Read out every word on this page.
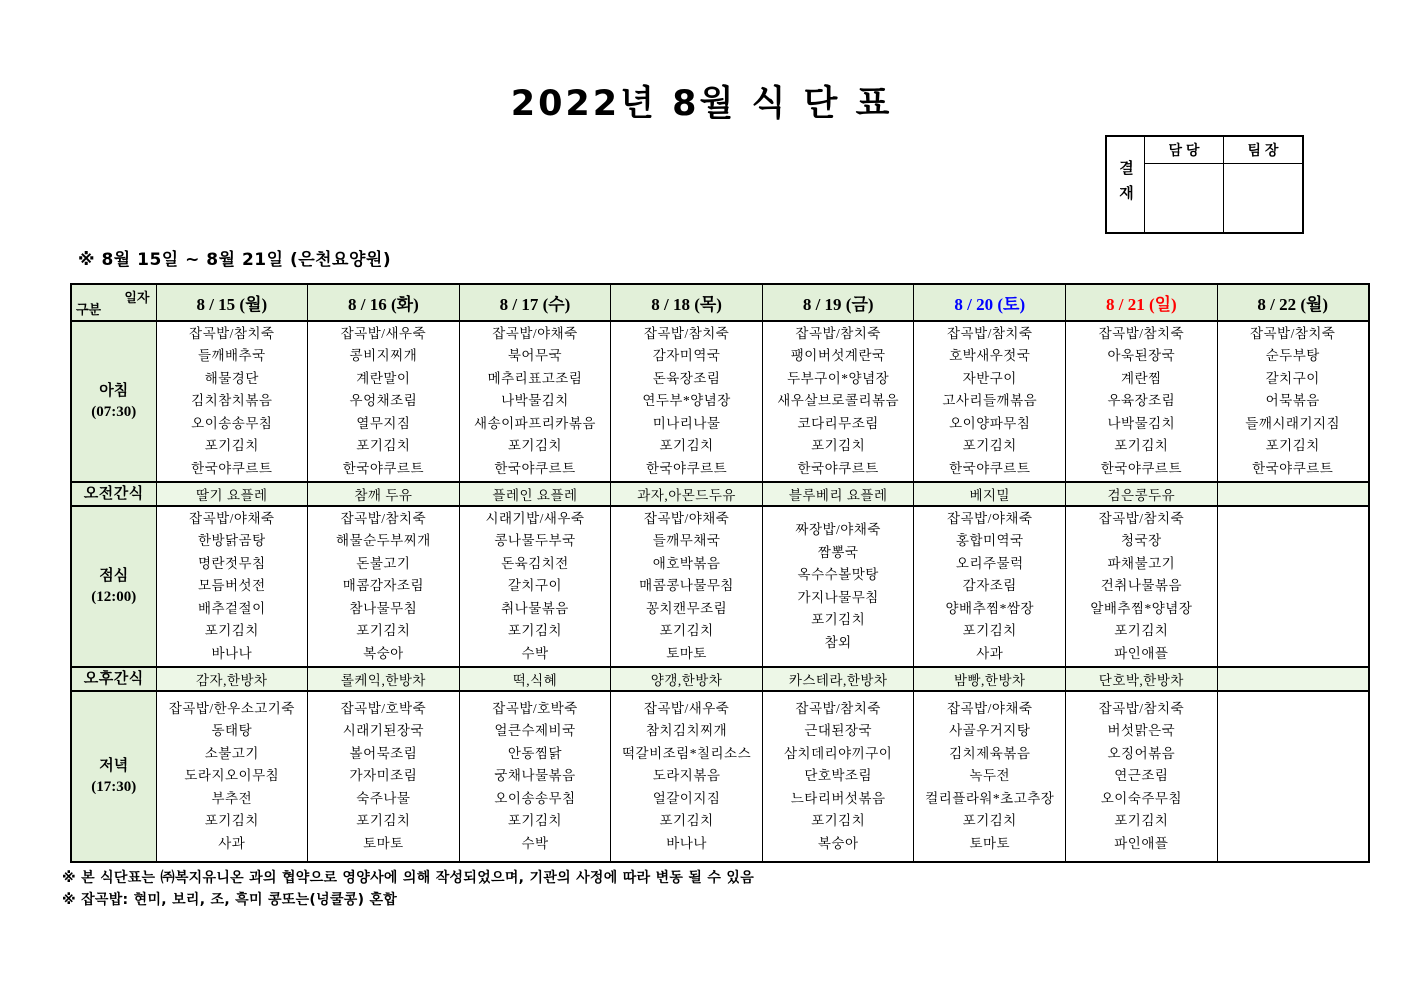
2022년 8월 식 단 표
결재
담 당	팀 장
※ 8월 15일 ~ 8월 21일 (은천요양원)
일자
구분	8 / 15 (월)	8 / 16 (화)	8 / 17 (수)	8 / 18 (목)	8 / 19 (금)	8 / 20 (토)	8 / 21 (일)	8 / 22 (월)

아침
(07:30)

잡곡밥/참치죽
들깨배추국
해물경단
김치참치볶음
오이송송무침
포기김치
한국야쿠르트

잡곡밥/새우죽
콩비지찌개
계란말이
우엉채조림
열무지짐
포기김치
한국야쿠르트

잡곡밥/야채죽
북어무국
메추리표고조림
나박물김치
새송이파프리카볶음
포기김치
한국야쿠르트

잡곡밥/참치죽
감자미역국
돈육장조림
연두부*양념장
미나리나물
포기김치
한국야쿠르트

잡곡밥/참치죽
팽이버섯계란국
두부구이*양념장
새우살브로콜리볶음
코다리무조림
포기김치
한국야쿠르트

잡곡밥/참치죽
호박새우젓국
자반구이
고사리들깨볶음
오이양파무침
포기김치
한국야쿠르트

잡곡밥/참치죽
아욱된장국
계란찜
우육장조림
나박물김치
포기김치
한국야쿠르트

잡곡밥/참치죽
순두부탕
갈치구이
어묵볶음
들깨시래기지짐
포기김치
한국야쿠르트

오전간식	딸기 요플레	참깨 두유	플레인 요플레	과자,아몬드두유	블루베리 요플레	베지밀	검은콩두유	

점심
(12:00)

잡곡밥/야채죽
한방닭곰탕
명란젓무침
모듬버섯전
배추겉절이
포기김치
바나나

잡곡밥/참치죽
해물순두부찌개
돈불고기
매콤감자조림
참나물무침
포기김치
복숭아

시래기밥/새우죽
콩나물두부국
돈육김치전
갈치구이
취나물볶음
포기김치
수박

잡곡밥/야채죽
들깨무채국
애호박볶음
매콤콩나물무침
꽁치캔무조림
포기김치
토마토

짜장밥/야채죽
짬뽕국
옥수수볼맛탕
가지나물무침
포기김치
참외

잡곡밥/야채죽
홍합미역국
오리주물럭
감자조림
양배추찜*쌈장
포기김치
사과

잡곡밥/참치죽
청국장
파채불고기
건취나물볶음
알배추찜*양념장
포기김치
파인애플

오후간식	감자,한방차	롤케익,한방차	떡,식혜	양갱,한방차	카스테라,한방차	밤빵,한방차	단호박,한방차	

저녁
(17:30)

잡곡밥/한우소고기죽
동태탕
소불고기
도라지오이무침
부추전
포기김치
사과

잡곡밥/호박죽
시래기된장국
볼어묵조림
가자미조림
숙주나물
포기김치
토마토

잡곡밥/호박죽
얼큰수제비국
안동찜닭
궁채나물볶음
오이송송무침
포기김치
수박

잡곡밥/새우죽
참치김치찌개
떡갈비조림*칠리소스
도라지볶음
얼갈이지짐
포기김치
바나나

잡곡밥/참치죽
근대된장국
삼치데리야끼구이
단호박조림
느타리버섯볶음
포기김치
복숭아

잡곡밥/야채죽
사골우거지탕
김치제육볶음
녹두전
컬리플라워*초고추장
포기김치
토마토

잡곡밥/참치죽
버섯맑은국
오징어볶음
연근조림
오이숙주무침
포기김치
파인애플

※ 본 식단표는 ㈜복지유니온 과의 협약으로 영양사에 의해 작성되었으며, 기관의 사정에 따라 변동 될 수 있음
※ 잡곡밥: 현미, 보리, 조, 흑미 콩또는(넝쿨콩) 혼합
